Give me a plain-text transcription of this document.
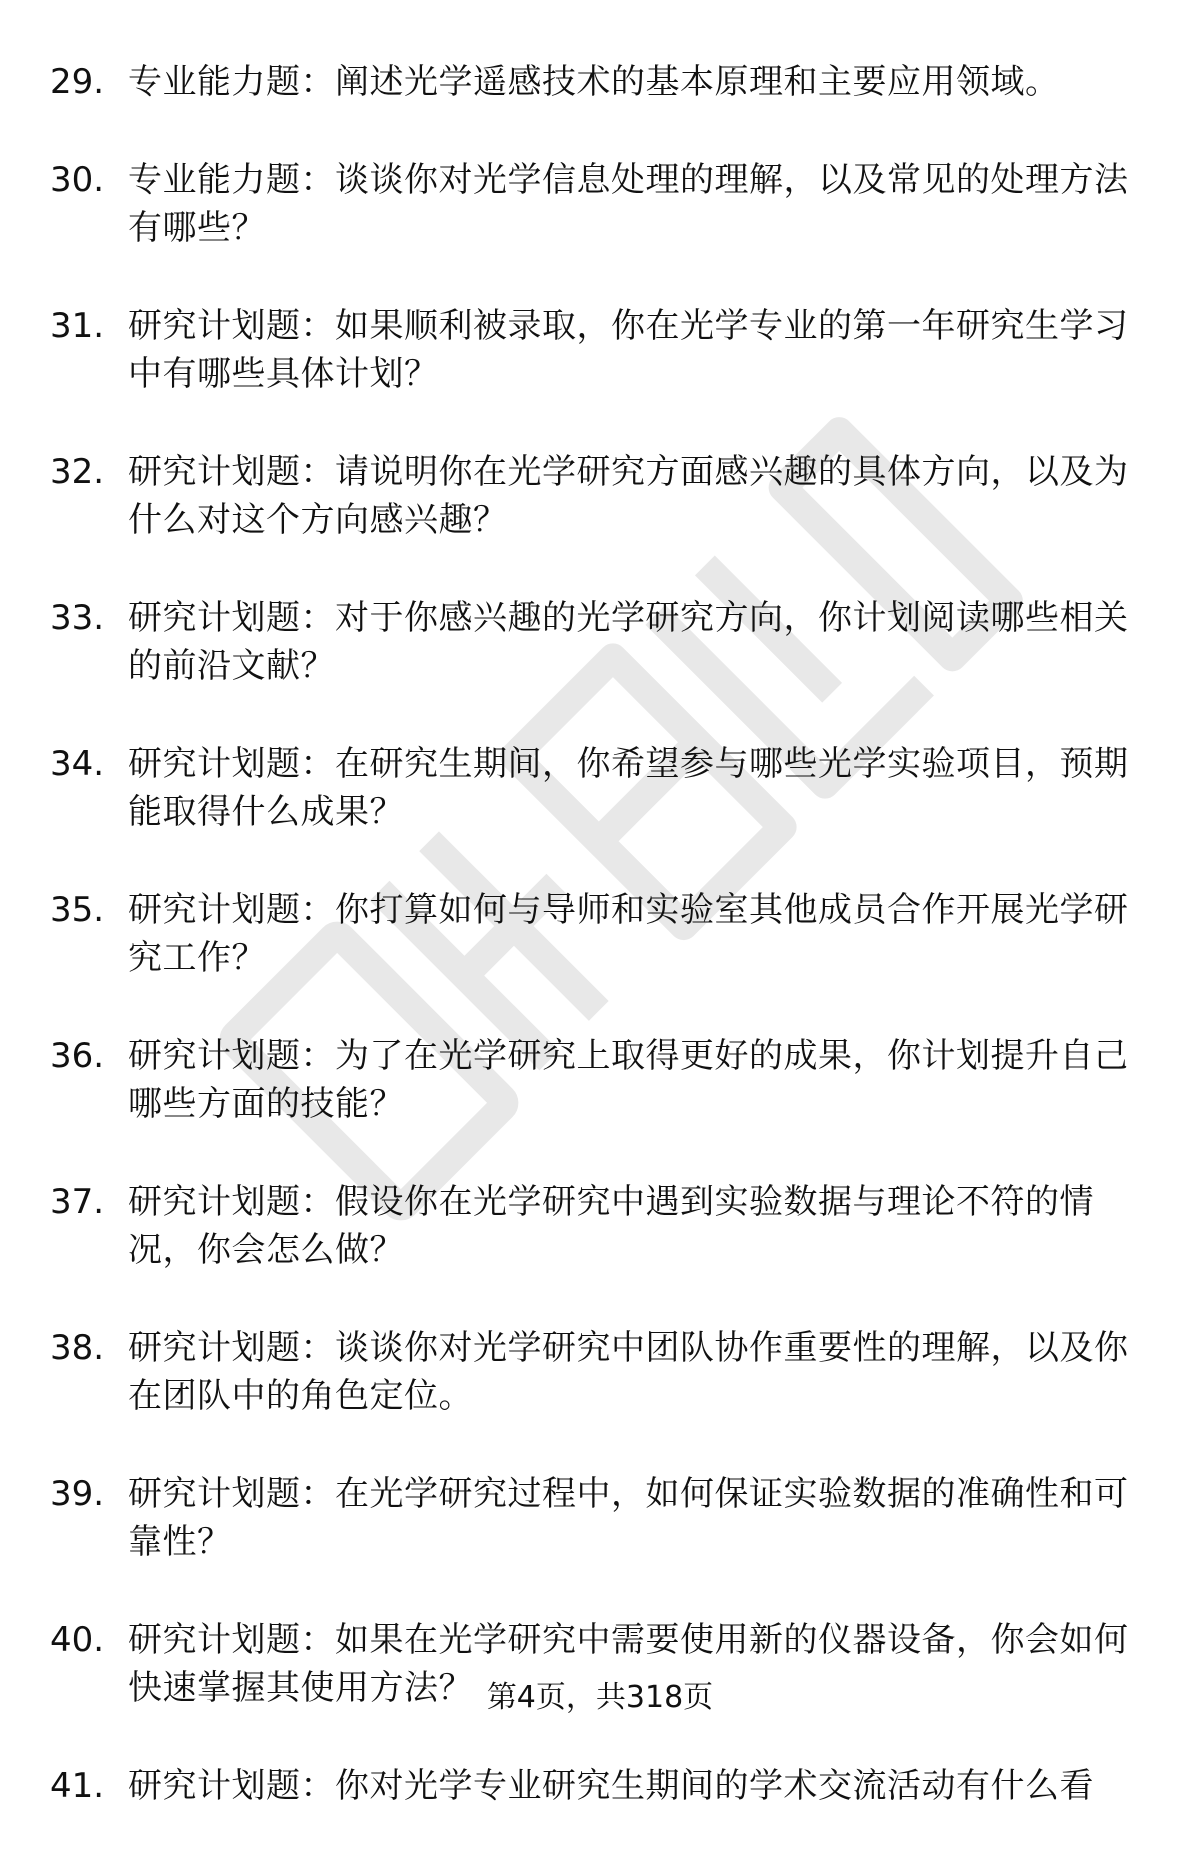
29. 专业能力题：阐述光学遥感技术的基本原理和主要应用领域。
30. 专业能力题：谈谈你对光学信息处理的理解，以及常见的处理方法有哪些？
31. 研究计划题：如果顺利被录取，你在光学专业的第一年研究生学习中有哪些具体计划？
32. 研究计划题：请说明你在光学研究方面感兴趣的具体方向，以及为什么对这个方向感兴趣？
33. 研究计划题：对于你感兴趣的光学研究方向，你计划阅读哪些相关的前沿文献？
34. 研究计划题：在研究生期间，你希望参与哪些光学实验项目，预期能取得什么成果？
35. 研究计划题：你打算如何与导师和实验室其他成员合作开展光学研究工作？
36. 研究计划题：为了在光学研究上取得更好的成果，你计划提升自己哪些方面的技能？
37. 研究计划题：假设你在光学研究中遇到实验数据与理论不符的情况，你会怎么做？
38. 研究计划题：谈谈你对光学研究中团队协作重要性的理解，以及你在团队中的角色定位。
39. 研究计划题：在光学研究过程中，如何保证实验数据的准确性和可靠性？
40. 研究计划题：如果在光学研究中需要使用新的仪器设备，你会如何快速掌握其使用方法？
41. 研究计划题：你对光学专业研究生期间的学术交流活动有什么看
第4页，共318页
